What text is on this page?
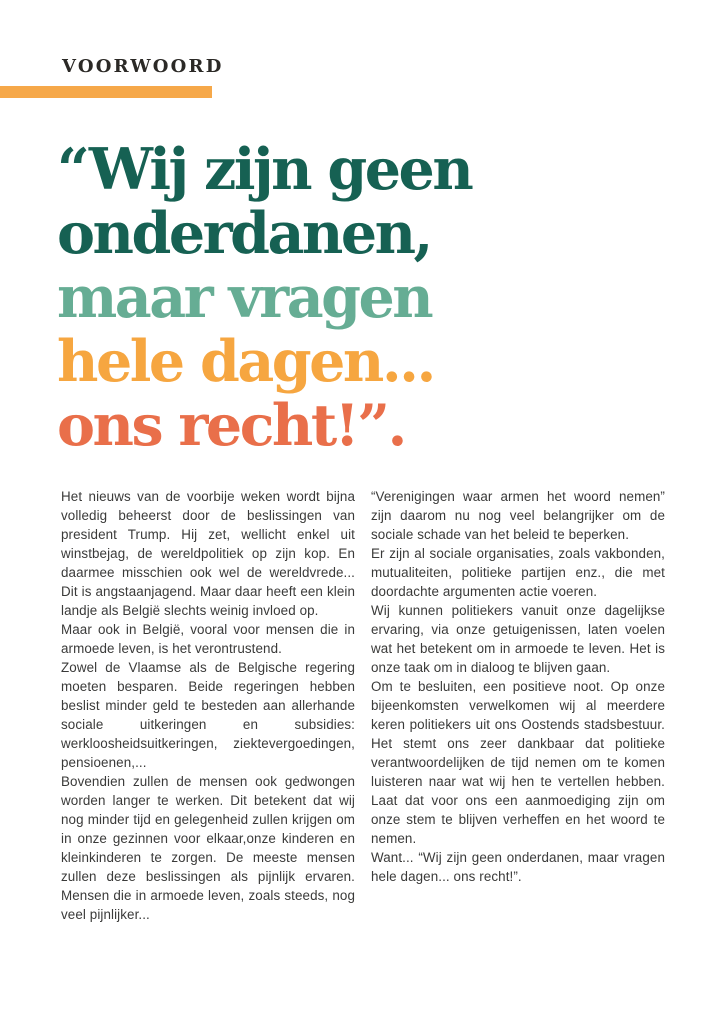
VOORWOORD
“Wij zijn geen
onderdanen,
maar vragen
hele dagen...
ons recht!”.

Het nieuws van de voorbije weken wordt bijna volledig beheerst door de beslissingen van president Trump. Hij zet, wellicht enkel uit winstbejag, de wereldpolitiek op zijn kop. En daarmee misschien ook wel de wereldvrede... Dit is angstaanjagend. Maar daar heeft een klein landje als België slechts weinig invloed op.

Maar ook in België, vooral voor mensen die in armoede leven, is het verontrustend.

Zowel de Vlaamse als de Belgische regering moeten besparen. Beide regeringen hebben beslist minder geld te besteden aan allerhande sociale uitkeringen en subsidies: werkloosheidsuitkeringen, ziektevergoedingen, pensioenen,...

Bovendien zullen de mensen ook gedwongen worden langer te werken. Dit betekent dat wij nog minder tijd en gelegenheid zullen krijgen om in onze gezinnen voor elkaar,onze kinderen en kleinkinderen te zorgen. De meeste mensen zullen deze beslissingen als pijnlijk ervaren. Mensen die in armoede leven, zoals steeds, nog veel pijnlijker...

“Verenigingen waar armen het woord nemen” zijn daarom nu nog veel belangrijker om de sociale schade van het beleid te beperken.

Er zijn al sociale organisaties, zoals vakbonden, mutualiteiten, politieke partijen enz., die met doordachte argumenten actie voeren.

Wij kunnen politiekers vanuit onze dagelijkse ervaring, via onze getuigenissen, laten voelen wat het betekent om in armoede te leven. Het is onze taak om in dialoog te blijven gaan.

Om te besluiten, een positieve noot. Op onze bijeenkomsten verwelkomen wij al meerdere keren politiekers uit ons Oostends stadsbestuur. Het stemt ons zeer dankbaar dat politieke verantwoordelijken de tijd nemen om te komen luisteren naar wat wij hen te vertellen hebben. Laat dat voor ons een aanmoediging zijn om onze stem te blijven verheffen en het woord te nemen.

Want... “Wij zijn geen onderdanen, maar vragen hele dagen... ons recht!”.
